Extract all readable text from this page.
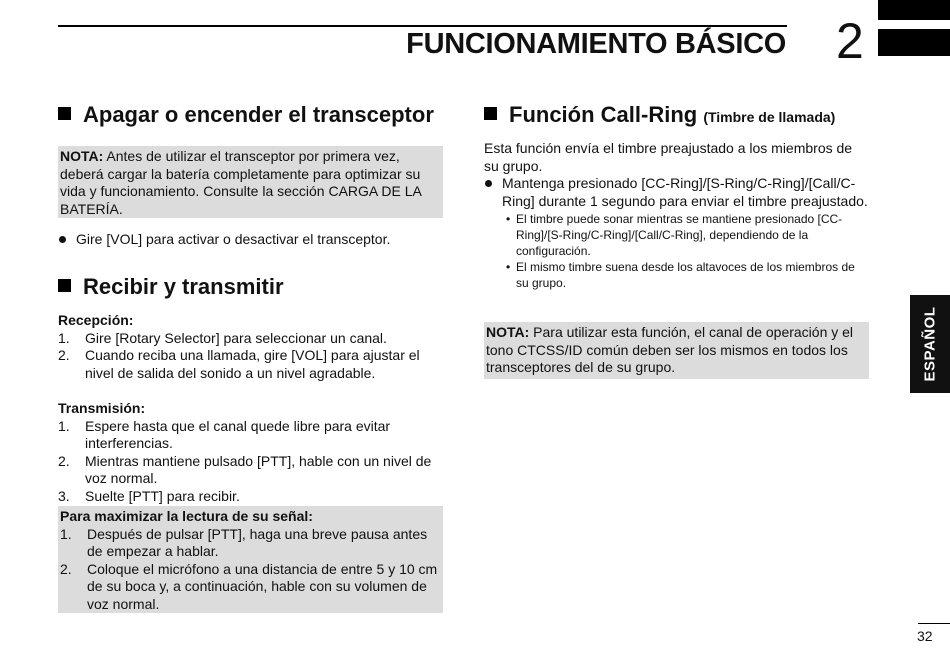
FUNCIONAMIENTO BÁSICO 2
Apagar o encender el transceptor
NOTA: Antes de utilizar el transceptor por primera vez, deberá cargar la batería completamente para optimizar su vida y funcionamiento. Consulte la sección CARGA DE LA BATERÍA.
Gire [VOL] para activar o desactivar el transceptor.
Recibir y transmitir
Recepción:
1. Gire [Rotary Selector] para seleccionar un canal.
2. Cuando reciba una llamada, gire [VOL] para ajustar el nivel de salida del sonido a un nivel agradable.
Transmisión:
1. Espere hasta que el canal quede libre para evitar interferencias.
2. Mientras mantiene pulsado [PTT], hable con un nivel de voz normal.
3. Suelte [PTT] para recibir.
Para maximizar la lectura de su señal:
1. Después de pulsar [PTT], haga una breve pausa antes de empezar a hablar.
2. Coloque el micrófono a una distancia de entre 5 y 10 cm de su boca y, a continuación, hable con su volumen de voz normal.
Función Call-Ring (Timbre de llamada)
Esta función envía el timbre preajustado a los miembros de su grupo.
Mantenga presionado [CC-Ring]/[S-Ring/C-Ring]/[Call/C-Ring] durante 1 segundo para enviar el timbre preajustado.
• El timbre puede sonar mientras se mantiene presionado [CC-Ring]/[S-Ring/C-Ring]/[Call/C-Ring], dependiendo de la configuración.
• El mismo timbre suena desde los altavoces de los miembros de su grupo.
NOTA: Para utilizar esta función, el canal de operación y el tono CTCSS/ID común deben ser los mismos en todos los transceptores del de su grupo.	ESPAÑOL
32
